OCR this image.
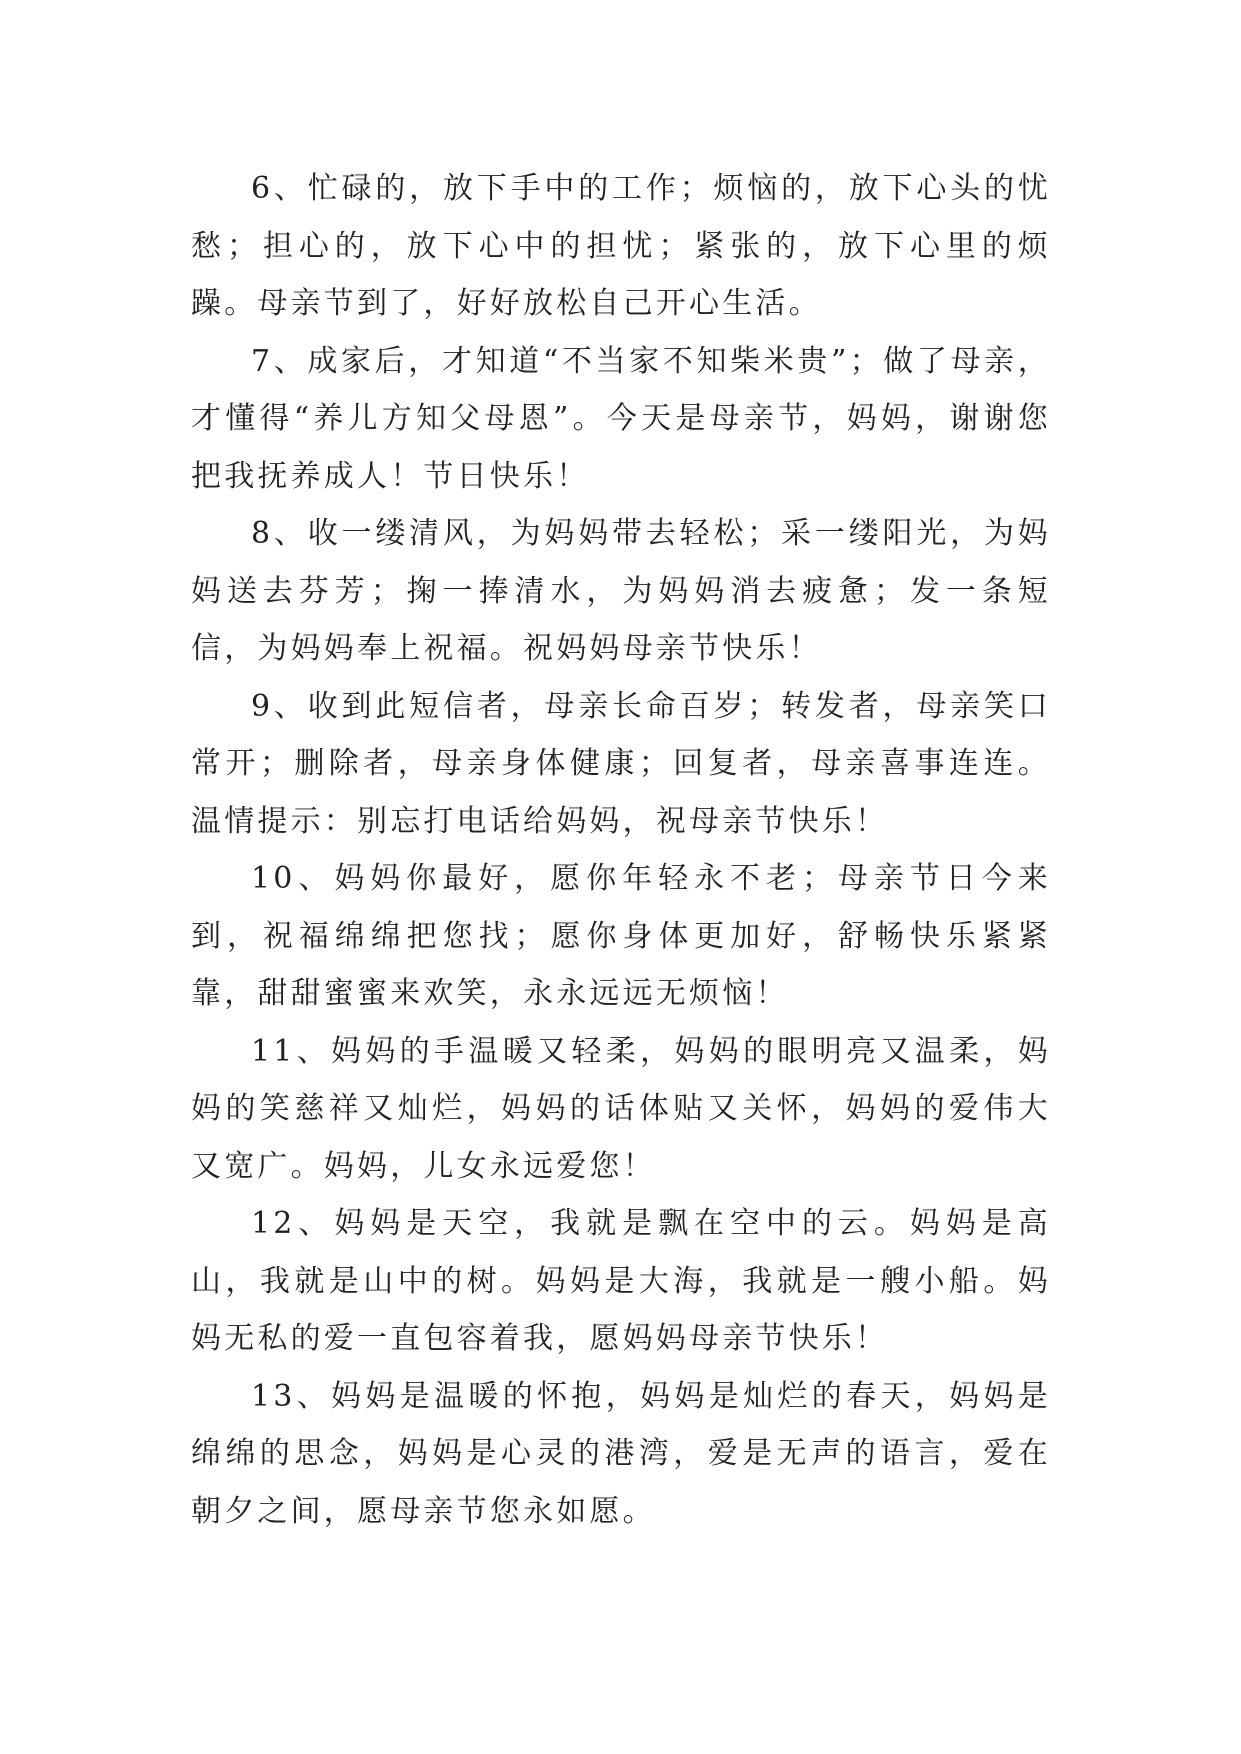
6、忙碌的，放下手中的工作；烦恼的，放下心头的忧愁；担心的，放下心中的担忧；紧张的，放下心里的烦躁。母亲节到了，好好放松自己开心生活。

7、成家后，才知道“不当家不知柴米贵”；做了母亲，才懂得“养儿方知父母恩”。今天是母亲节，妈妈，谢谢您把我抚养成人！节日快乐！

8、收一缕清风，为妈妈带去轻松；采一缕阳光，为妈妈送去芬芳；掬一捧清水，为妈妈消去疲惫；发一条短信，为妈妈奉上祝福。祝妈妈母亲节快乐！

9、收到此短信者，母亲长命百岁；转发者，母亲笑口常开；删除者，母亲身体健康；回复者，母亲喜事连连。温情提示：别忘打电话给妈妈，祝母亲节快乐！

10、妈妈你最好，愿你年轻永不老；母亲节日今来到，祝福绵绵把您找；愿你身体更加好，舒畅快乐紧紧靠，甜甜蜜蜜来欢笑，永永远远无烦恼！

11、妈妈的手温暖又轻柔，妈妈的眼明亮又温柔，妈妈的笑慈祥又灿烂，妈妈的话体贴又关怀，妈妈的爱伟大又宽广。妈妈，儿女永远爱您！

12、妈妈是天空，我就是飘在空中的云。妈妈是高山，我就是山中的树。妈妈是大海，我就是一艘小船。妈妈无私的爱一直包容着我，愿妈妈母亲节快乐！

13、妈妈是温暖的怀抱，妈妈是灿烂的春天，妈妈是绵绵的思念，妈妈是心灵的港湾，爱是无声的语言，爱在朝夕之间，愿母亲节您永如愿。
